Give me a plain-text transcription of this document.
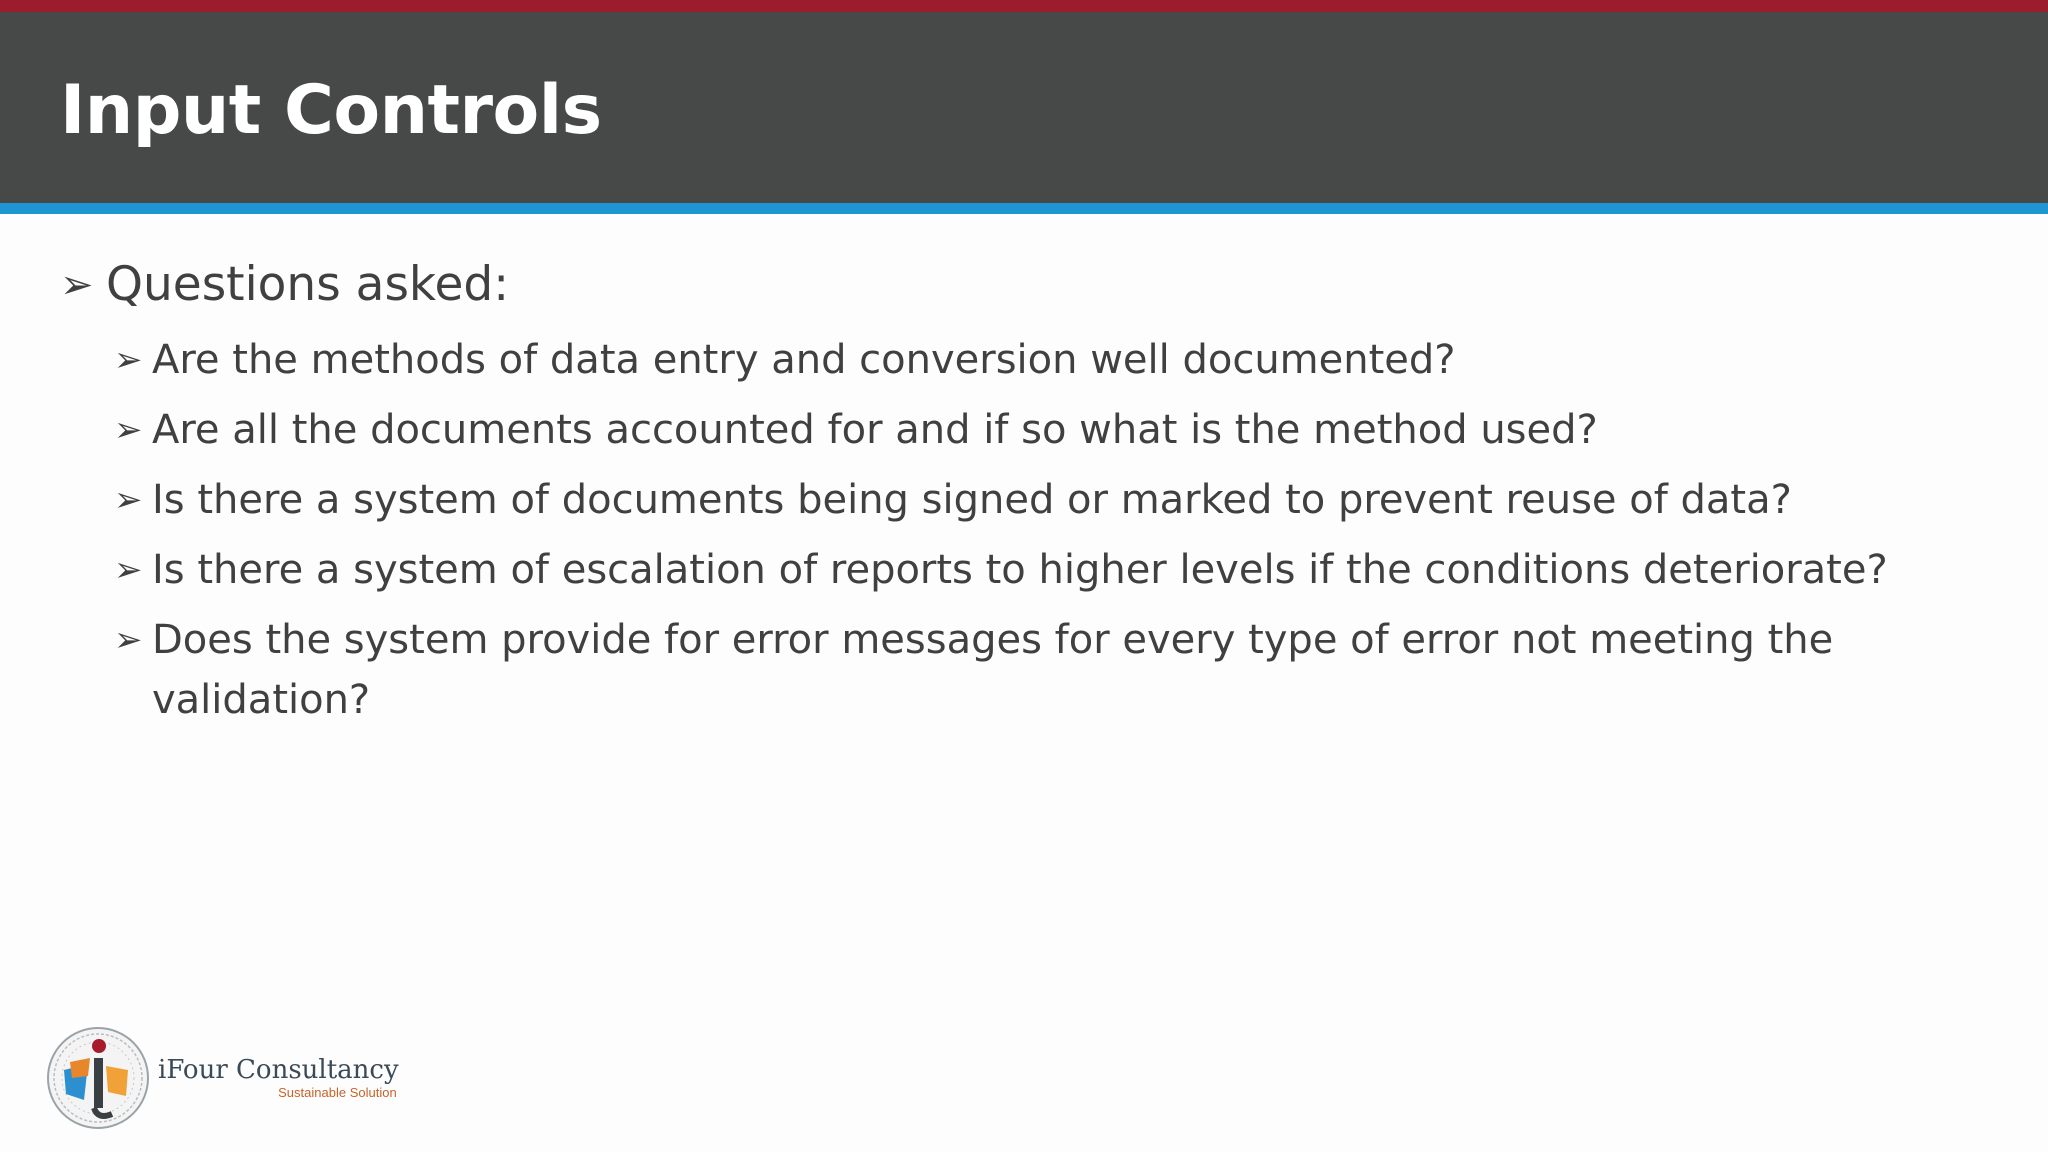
Input Controls
➢ Questions asked:
➢ Are the methods of data entry and conversion well documented?
➢ Are all the documents accounted for and if so what is the method used?
➢ Is there a system of documents being signed or marked to prevent reuse of data?
➢ Is there a system of escalation of reports to higher levels if the conditions deteriorate?
➢ Does the system provide for error messages for every type of error not meeting the validation?
iFour Consultancy
Sustainable Solution
